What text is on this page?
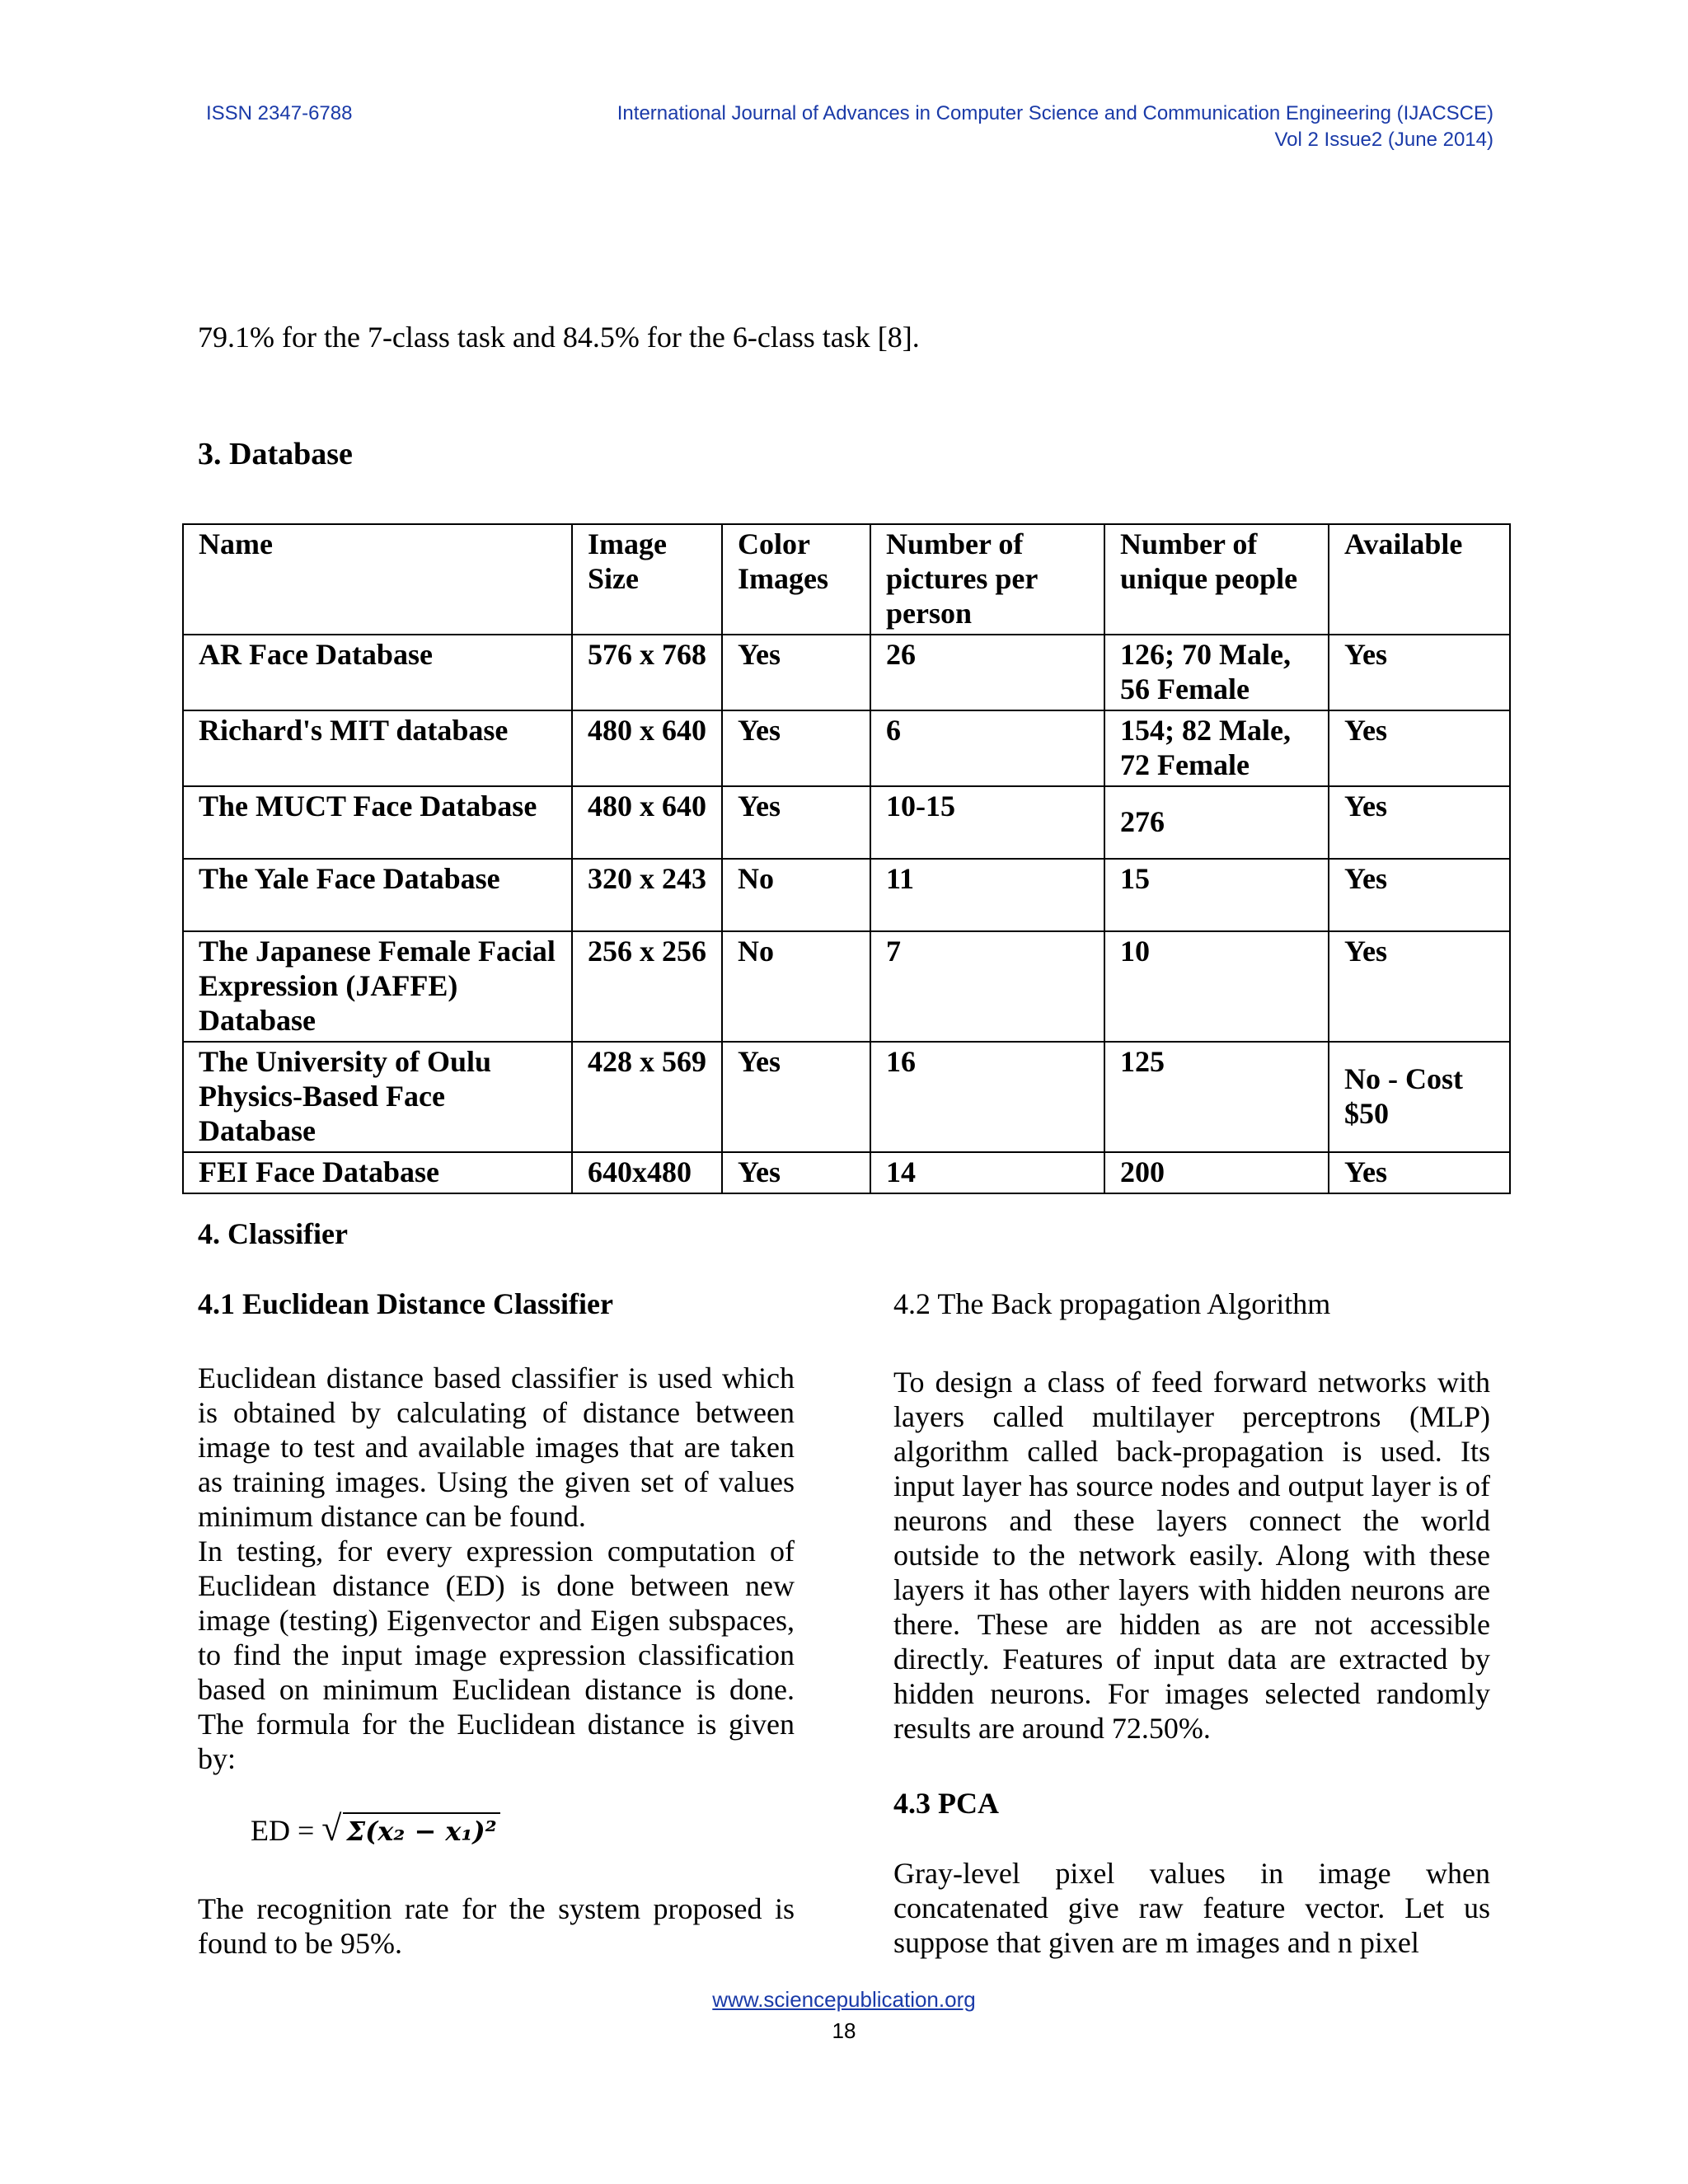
ISSN 2347-6788	International Journal of Advances in Computer Science and Communication Engineering (IJACSCE)
Vol 2 Issue2 (June 2014)
79.1% for the 7-class task and 84.5% for the 6-class task [8].
3. Database
Name	Image Size	Color Images	Number of pictures per person	Number of unique people	Available
AR Face Database	576 x 768	Yes	26	126; 70 Male, 56 Female	Yes
Richard's MIT database	480 x 640	Yes	6	154; 82 Male, 72 Female	Yes
The MUCT Face Database	480 x 640	Yes	10-15	276	Yes
The Yale Face Database	320 x 243	No	11	15	Yes
The Japanese Female Facial Expression (JAFFE) Database	256 x 256	No	7	10	Yes
The University of Oulu Physics-Based Face Database	428 x 569	Yes	16	125	No - Cost $50
FEI Face Database	640x480	Yes	14	200	Yes
4. Classifier
4.1 Euclidean Distance Classifier
Euclidean distance based classifier is used which is obtained by calculating of distance between image to test and available images that are taken as training images. Using the given set of values minimum distance can be found.
In testing, for every expression computation of Euclidean distance (ED) is done between new image (testing) Eigenvector and Eigen subspaces, to find the input image expression classification based on minimum Euclidean distance is done. The formula for the Euclidean distance is given by:
ED = √ Σ(x₂ − x₁)²
The recognition rate for the system proposed is found to be 95%.
4.2 The Back propagation Algorithm
To design a class of feed forward networks with layers called multilayer perceptrons (MLP) algorithm called back-propagation is used. Its input layer has source nodes and output layer is of neurons and these layers connect the world outside to the network easily. Along with these layers it has other layers with hidden neurons are there. These are hidden as are not accessible directly. Features of input data are extracted by hidden neurons. For images selected randomly results are around 72.50%.
4.3 PCA
Gray-level pixel values in image when concatenated give raw feature vector. Let us suppose that given are m images and n pixel
www.sciencepublication.org
18
